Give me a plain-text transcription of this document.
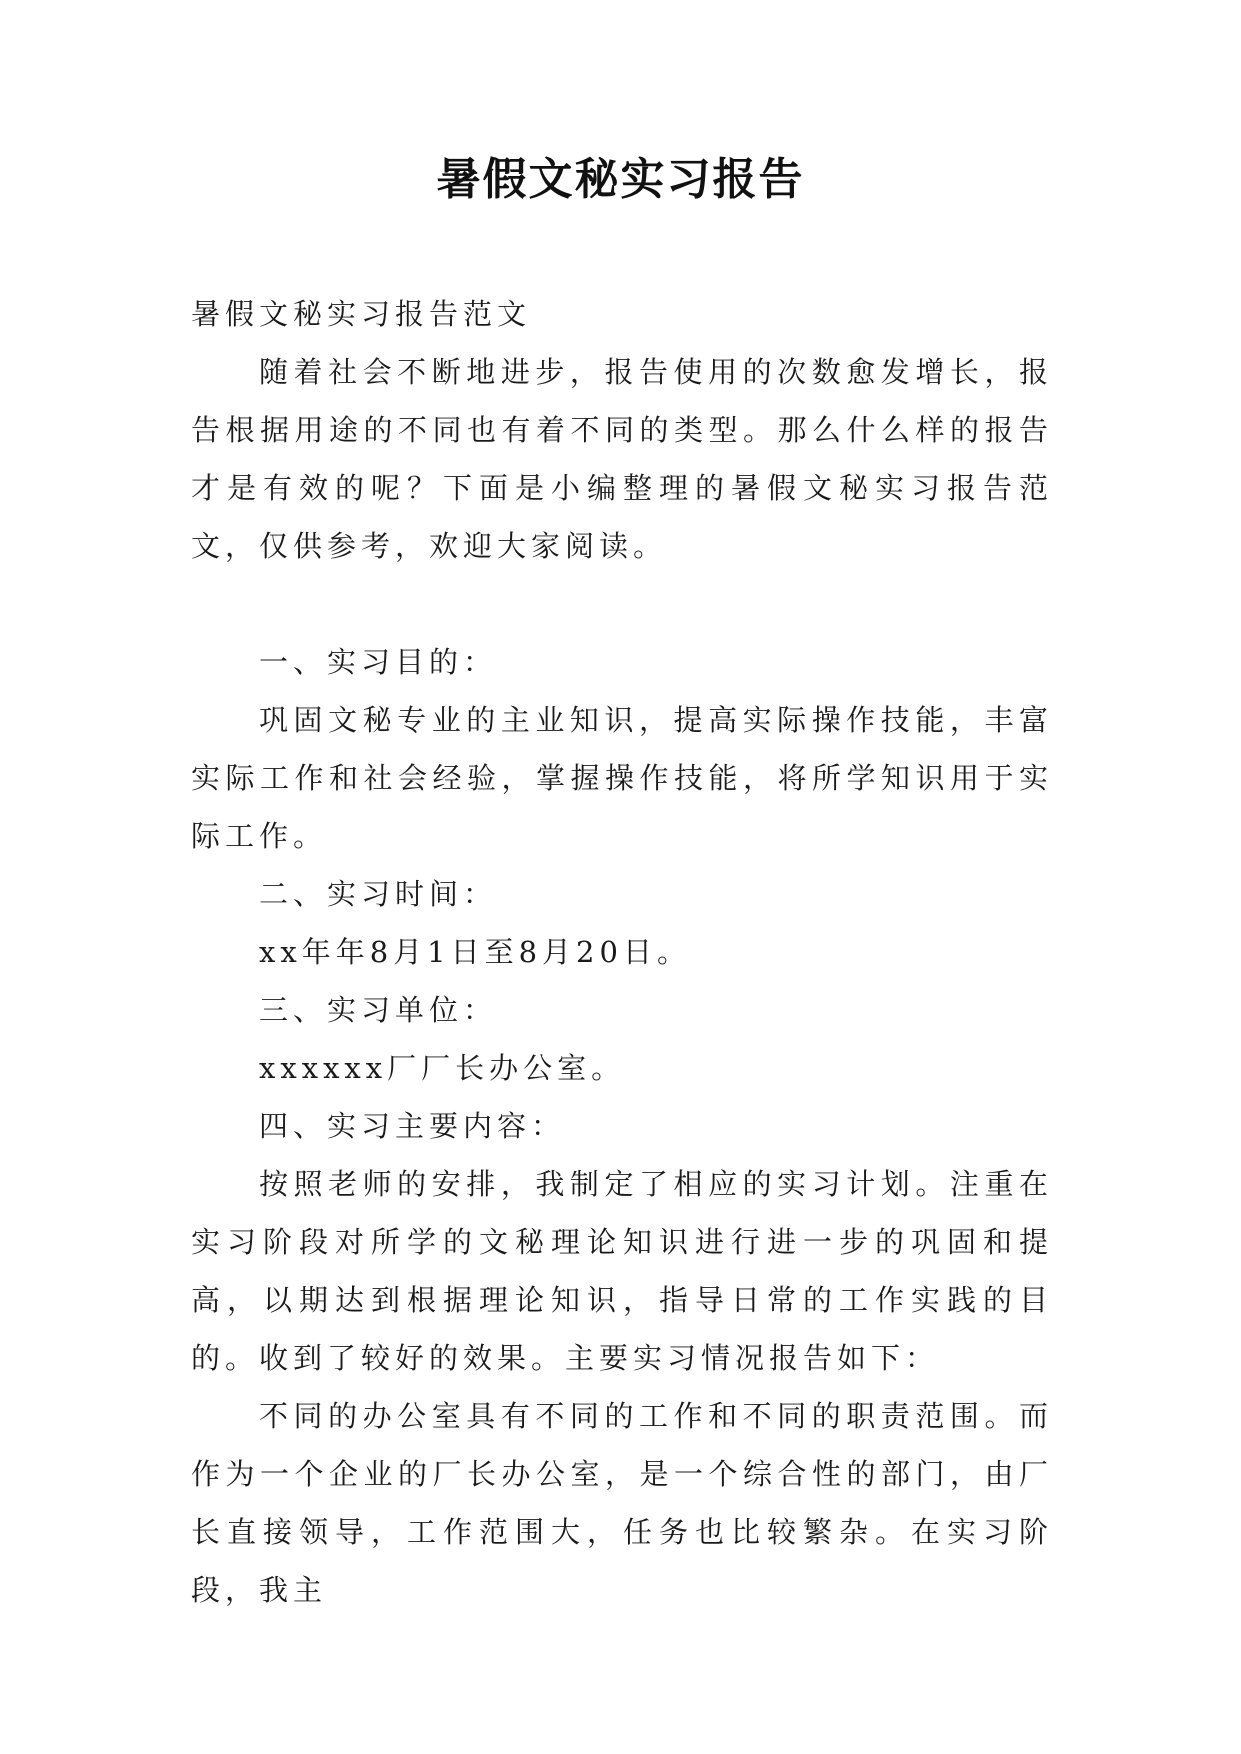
暑假文秘实习报告

暑假文秘实习报告范文

随着社会不断地进步，报告使用的次数愈发增长，报告根据用途的不同也有着不同的类型。那么什么样的报告才是有效的呢？下面是小编整理的暑假文秘实习报告范文，仅供参考，欢迎大家阅读。

一、实习目的：

巩固文秘专业的主业知识，提高实际操作技能，丰富实际工作和社会经验，掌握操作技能，将所学知识用于实际工作。

二、实习时间：

xx年年8月1日至8月20日。

三、实习单位：

xxxxxx厂厂长办公室。

四、实习主要内容：

按照老师的安排，我制定了相应的实习计划。注重在实习阶段对所学的文秘理论知识进行进一步的巩固和提高，以期达到根据理论知识，指导日常的工作实践的目的。收到了较好的效果。主要实习情况报告如下：

不同的办公室具有不同的工作和不同的职责范围。而作为一个企业的厂长办公室，是一个综合性的部门，由厂长直接领导，工作范围大，任务也比较繁杂。在实习阶段，我主
